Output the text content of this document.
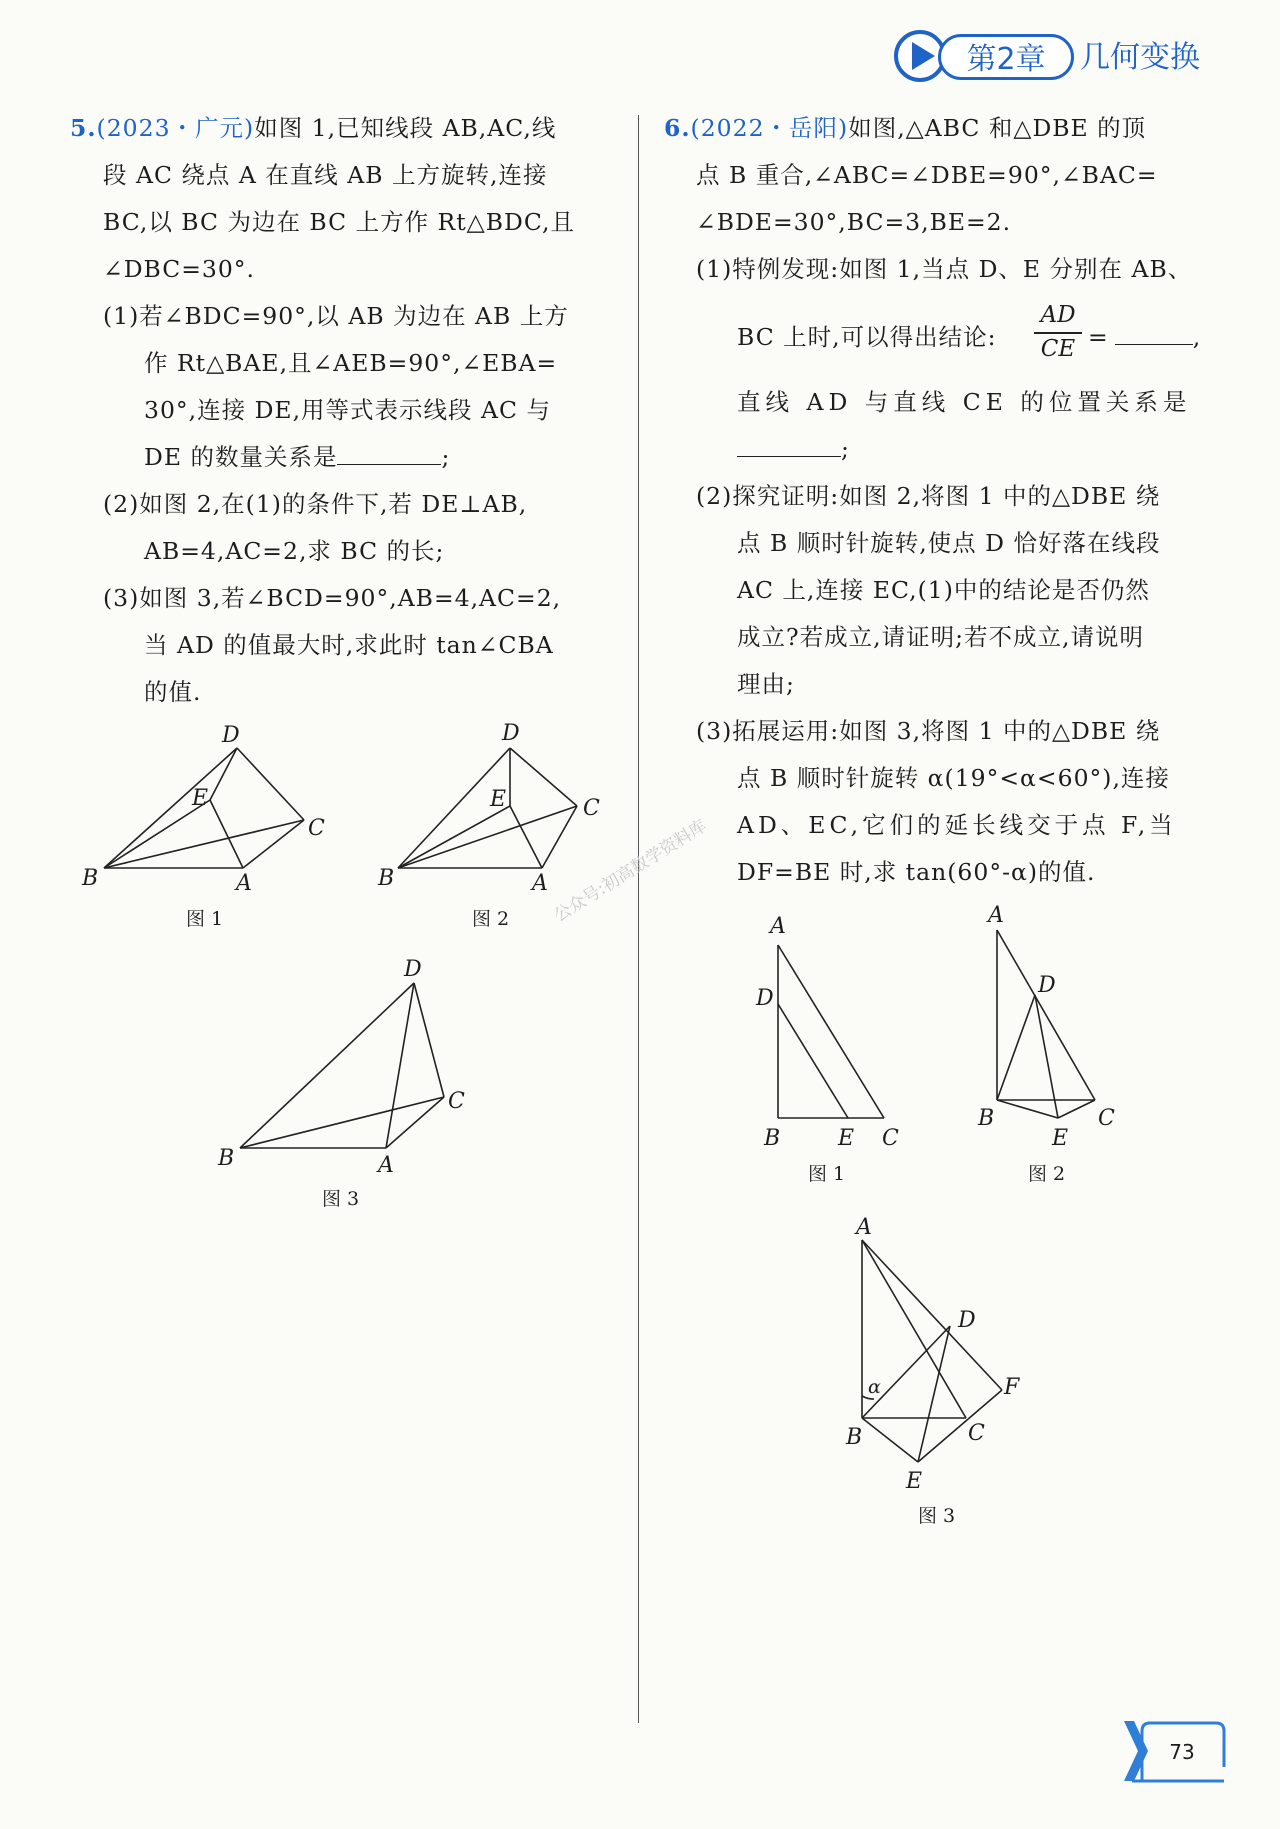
第2章	几何变换
5.(2023・广元)如图 1,已知线段 AB,AC,线
段 AC 绕点 A 在直线 AB 上方旋转,连接
BC,以 BC 为边在 BC 上方作 Rt△BDC,且
∠DBC=30°.
(1)若∠BDC=90°,以 AB 为边在 AB 上方
作 Rt△BAE,且∠AEB=90°,∠EBA=
30°,连接 DE,用等式表示线段 AC 与
DE 的数量关系是	;
(2)如图 2,在(1)的条件下,若 DE⊥AB,
AB=4,AC=2,求 BC 的长;
(3)如图 3,若∠BCD=90°,AB=4,AC=2,
当 AD 的值最大时,求此时 tan∠CBA
的值.
D
E
C
B	A
图 1
D
E	C
B	A
图 2
D
C
B	A
图 3
6.(2022・岳阳)如图,△ABC 和△DBE 的顶
点 B 重合,∠ABC=∠DBE=90°,∠BAC=
∠BDE=30°,BC=3,BE=2.
(1)特例发现:如图 1,当点 D、E 分别在 AB、
BC 上时,可以得出结论:
AD
CE =	,
直线 AD 与直线 CE 的位置关系是
;
(2)探究证明:如图 2,将图 1 中的△DBE 绕
点 B 顺时针旋转,使点 D 恰好落在线段
AC 上,连接 EC,(1)中的结论是否仍然
成立?若成立,请证明;若不成立,请说明
理由;
(3)拓展运用:如图 3,将图 1 中的△DBE 绕
点 B 顺时针旋转 α(19°<α<60°),连接
AD、EC,它们的延长线交于点 F,当
DF=BE 时,求 tan(60°-α)的值.
A
D
B	E C
图 1
A
D
B
E
C
图 2
A
D
F
α
B	C
E
图 3
公众号:初高数学资料库
73
